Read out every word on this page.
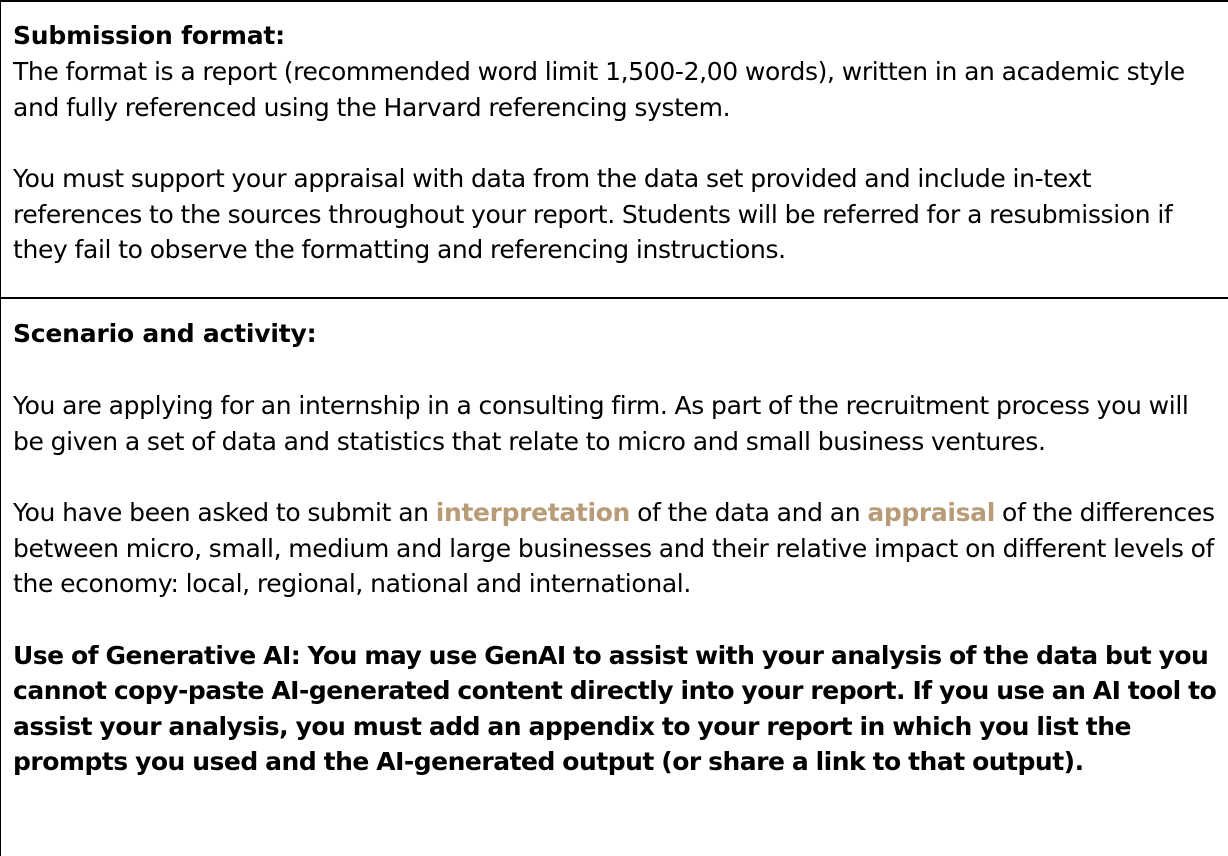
Submission format:

The format is a report (recommended word limit 1,500-2,00 words), written in an academic style and fully referenced using the Harvard referencing system.

You must support your appraisal with data from the data set provided and include in-text references to the sources throughout your report. Students will be referred for a resubmission if they fail to observe the formatting and referencing instructions.

Scenario and activity:

You are applying for an internship in a consulting firm. As part of the recruitment process you will be given a set of data and statistics that relate to micro and small business ventures.

You have been asked to submit an interpretation of the data and an appraisal of the differences between micro, small, medium and large businesses and their relative impact on different levels of the economy: local, regional, national and international.

Use of Generative AI: You may use GenAI to assist with your analysis of the data but you cannot copy-paste AI-generated content directly into your report. If you use an AI tool to assist your analysis, you must add an appendix to your report in which you list the prompts you used and the AI-generated output (or share a link to that output).
